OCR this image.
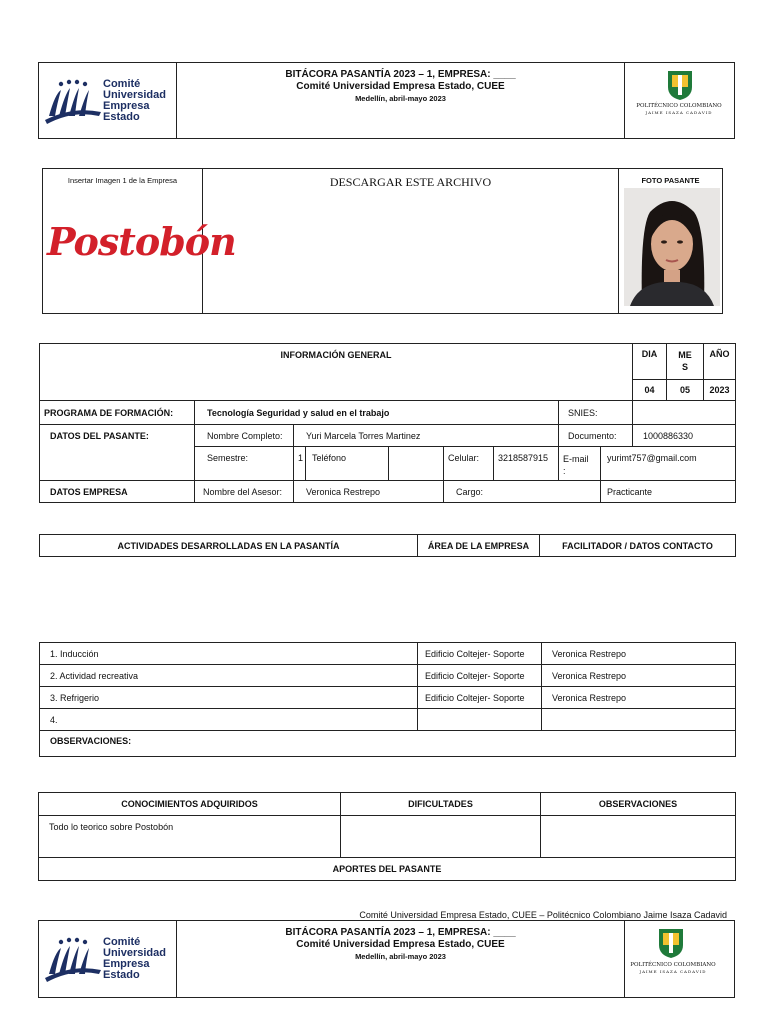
Comité
Universidad
Empresa
Estado
BITÁCORA PASANTÍA 2023 – 1, EMPRESA: ____
Comité Universidad Empresa Estado, CUEE
Medellín, abril-mayo 2023
POLITÉCNICO COLOMBIANO
JAIME ISAZA CADAVID
Insertar Imagen 1 de la Empresa
Postobón
DESCARGAR ESTE ARCHIVO	FOTO PASANTE
INFORMACIÓN GENERAL									DIA	ME S	AÑO
									04	05	2023
PROGRAMA DE FORMACIÓN:	Tecnología Seguridad y salud en el trabajo						SNIES:				
DATOS DEL PASANTE:	Nombre Completo:	Yuri Marcela Torres Martinez					Documento:		1000886330		
	Semestre:	1	Teléfono		Celular:	3218587915	E-mail :	yurimt757@gmail.com			
DATOS EMPRESA	Nombre del Asesor:	Veronica Restrepo			Cargo:			Practicante			
ACTIVIDADES DESARROLLADAS EN LA PASANTÍA	ÁREA DE LA EMPRESA	FACILITADOR / DATOS CONTACTO
1. Inducción	Edificio Coltejer- Soporte	Veronica Restrepo
2. Actividad recreativa	Edificio Coltejer- Soporte	Veronica Restrepo
3. Refrigerio	Edificio Coltejer- Soporte	Veronica Restrepo
4.		
OBSERVACIONES:		
CONOCIMIENTOS ADQUIRIDOS	DIFICULTADES	OBSERVACIONES
Todo lo teorico sobre Postobón		
APORTES DEL PASANTE		
Comité Universidad Empresa Estado, CUEE – Politécnico Colombiano Jaime Isaza Cadavid
Comité
Universidad
Empresa
Estado
BITÁCORA PASANTÍA 2023 – 1, EMPRESA: ____
Comité Universidad Empresa Estado, CUEE
Medellín, abril-mayo 2023
POLITÉCNICO COLOMBIANO
JAIME ISAZA CADAVID
